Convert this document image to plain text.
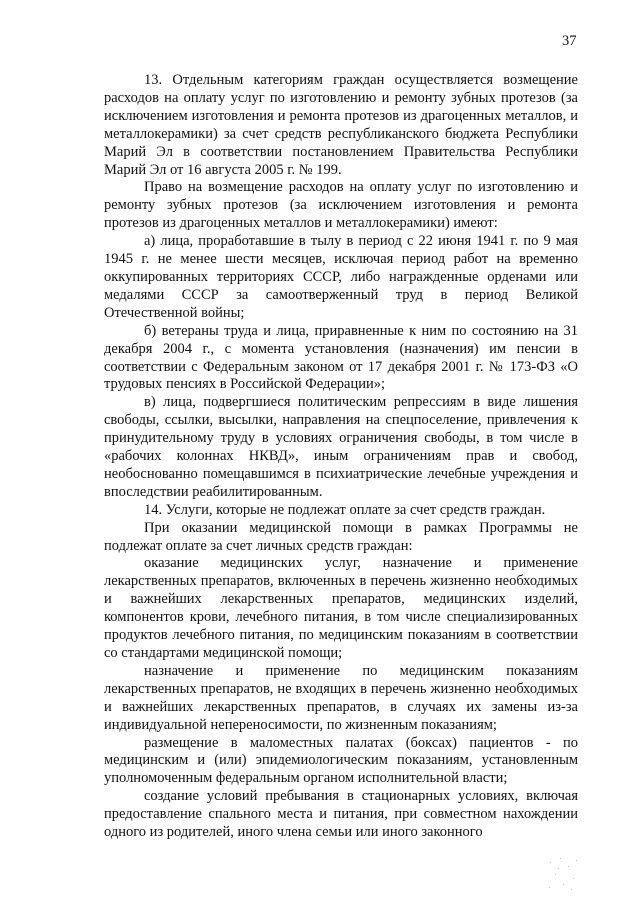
37

13. Отдельным категориям граждан осуществляется возмещение расходов на оплату услуг по изготовлению и ремонту зубных протезов (за исключением изготовления и ремонта протезов из драгоценных металлов, и металлокерамики) за счет средств республиканского бюджета Республики Марий Эл в соответствии постановлением Правительства Республики Марий Эл от 16 августа 2005 г. № 199.

Право на возмещение расходов на оплату услуг по изготовлению и ремонту зубных протезов (за исключением изготовления и ремонта протезов из драгоценных металлов и металлокерамики) имеют:

а) лица, проработавшие в тылу в период с 22 июня 1941 г. по 9 мая 1945 г. не менее шести месяцев, исключая период работ на временно оккупированных территориях СССР, либо награжденные орденами или медалями СССР за самоотверженный труд в период Великой Отечественной войны;

б) ветераны труда и лица, приравненные к ним по состоянию на 31 декабря 2004 г., с момента установления (назначения) им пенсии в соответствии с Федеральным законом от 17 декабря 2001 г. № 173-ФЗ «О трудовых пенсиях в Российской Федерации»;

в) лица, подвергшиеся политическим репрессиям в виде лишения свободы, ссылки, высылки, направления на спецпоселение, привлечения к принудительному труду в условиях ограничения свободы, в том числе в «рабочих колоннах НКВД», иным ограничениям прав и свобод, необоснованно помещавшимся в психиатрические лечебные учреждения и впоследствии реабилитированным.

14. Услуги, которые не подлежат оплате за счет средств граждан.

При оказании медицинской помощи в рамках Программы не подлежат оплате за счет личных средств граждан:

оказание медицинских услуг, назначение и применение лекарственных препаратов, включенных в перечень жизненно необходимых и важнейших лекарственных препаратов, медицинских изделий, компонентов крови, лечебного питания, в том числе специализированных продуктов лечебного питания, по медицинским показаниям в соответствии со стандартами медицинской помощи;

назначение и применение по медицинским показаниям лекарственных препаратов, не входящих в перечень жизненно необходимых и важнейших лекарственных препаратов, в случаях их замены из-за индивидуальной непереносимости, по жизненным показаниям;

размещение в маломестных палатах (боксах) пациентов - по медицинским и (или) эпидемиологическим показаниям, установленным уполномоченным федеральным органом исполнительной власти;

создание условий пребывания в стационарных условиях, включая предоставление спального места и питания, при совместном нахождении одного из родителей, иного члена семьи или иного законного
